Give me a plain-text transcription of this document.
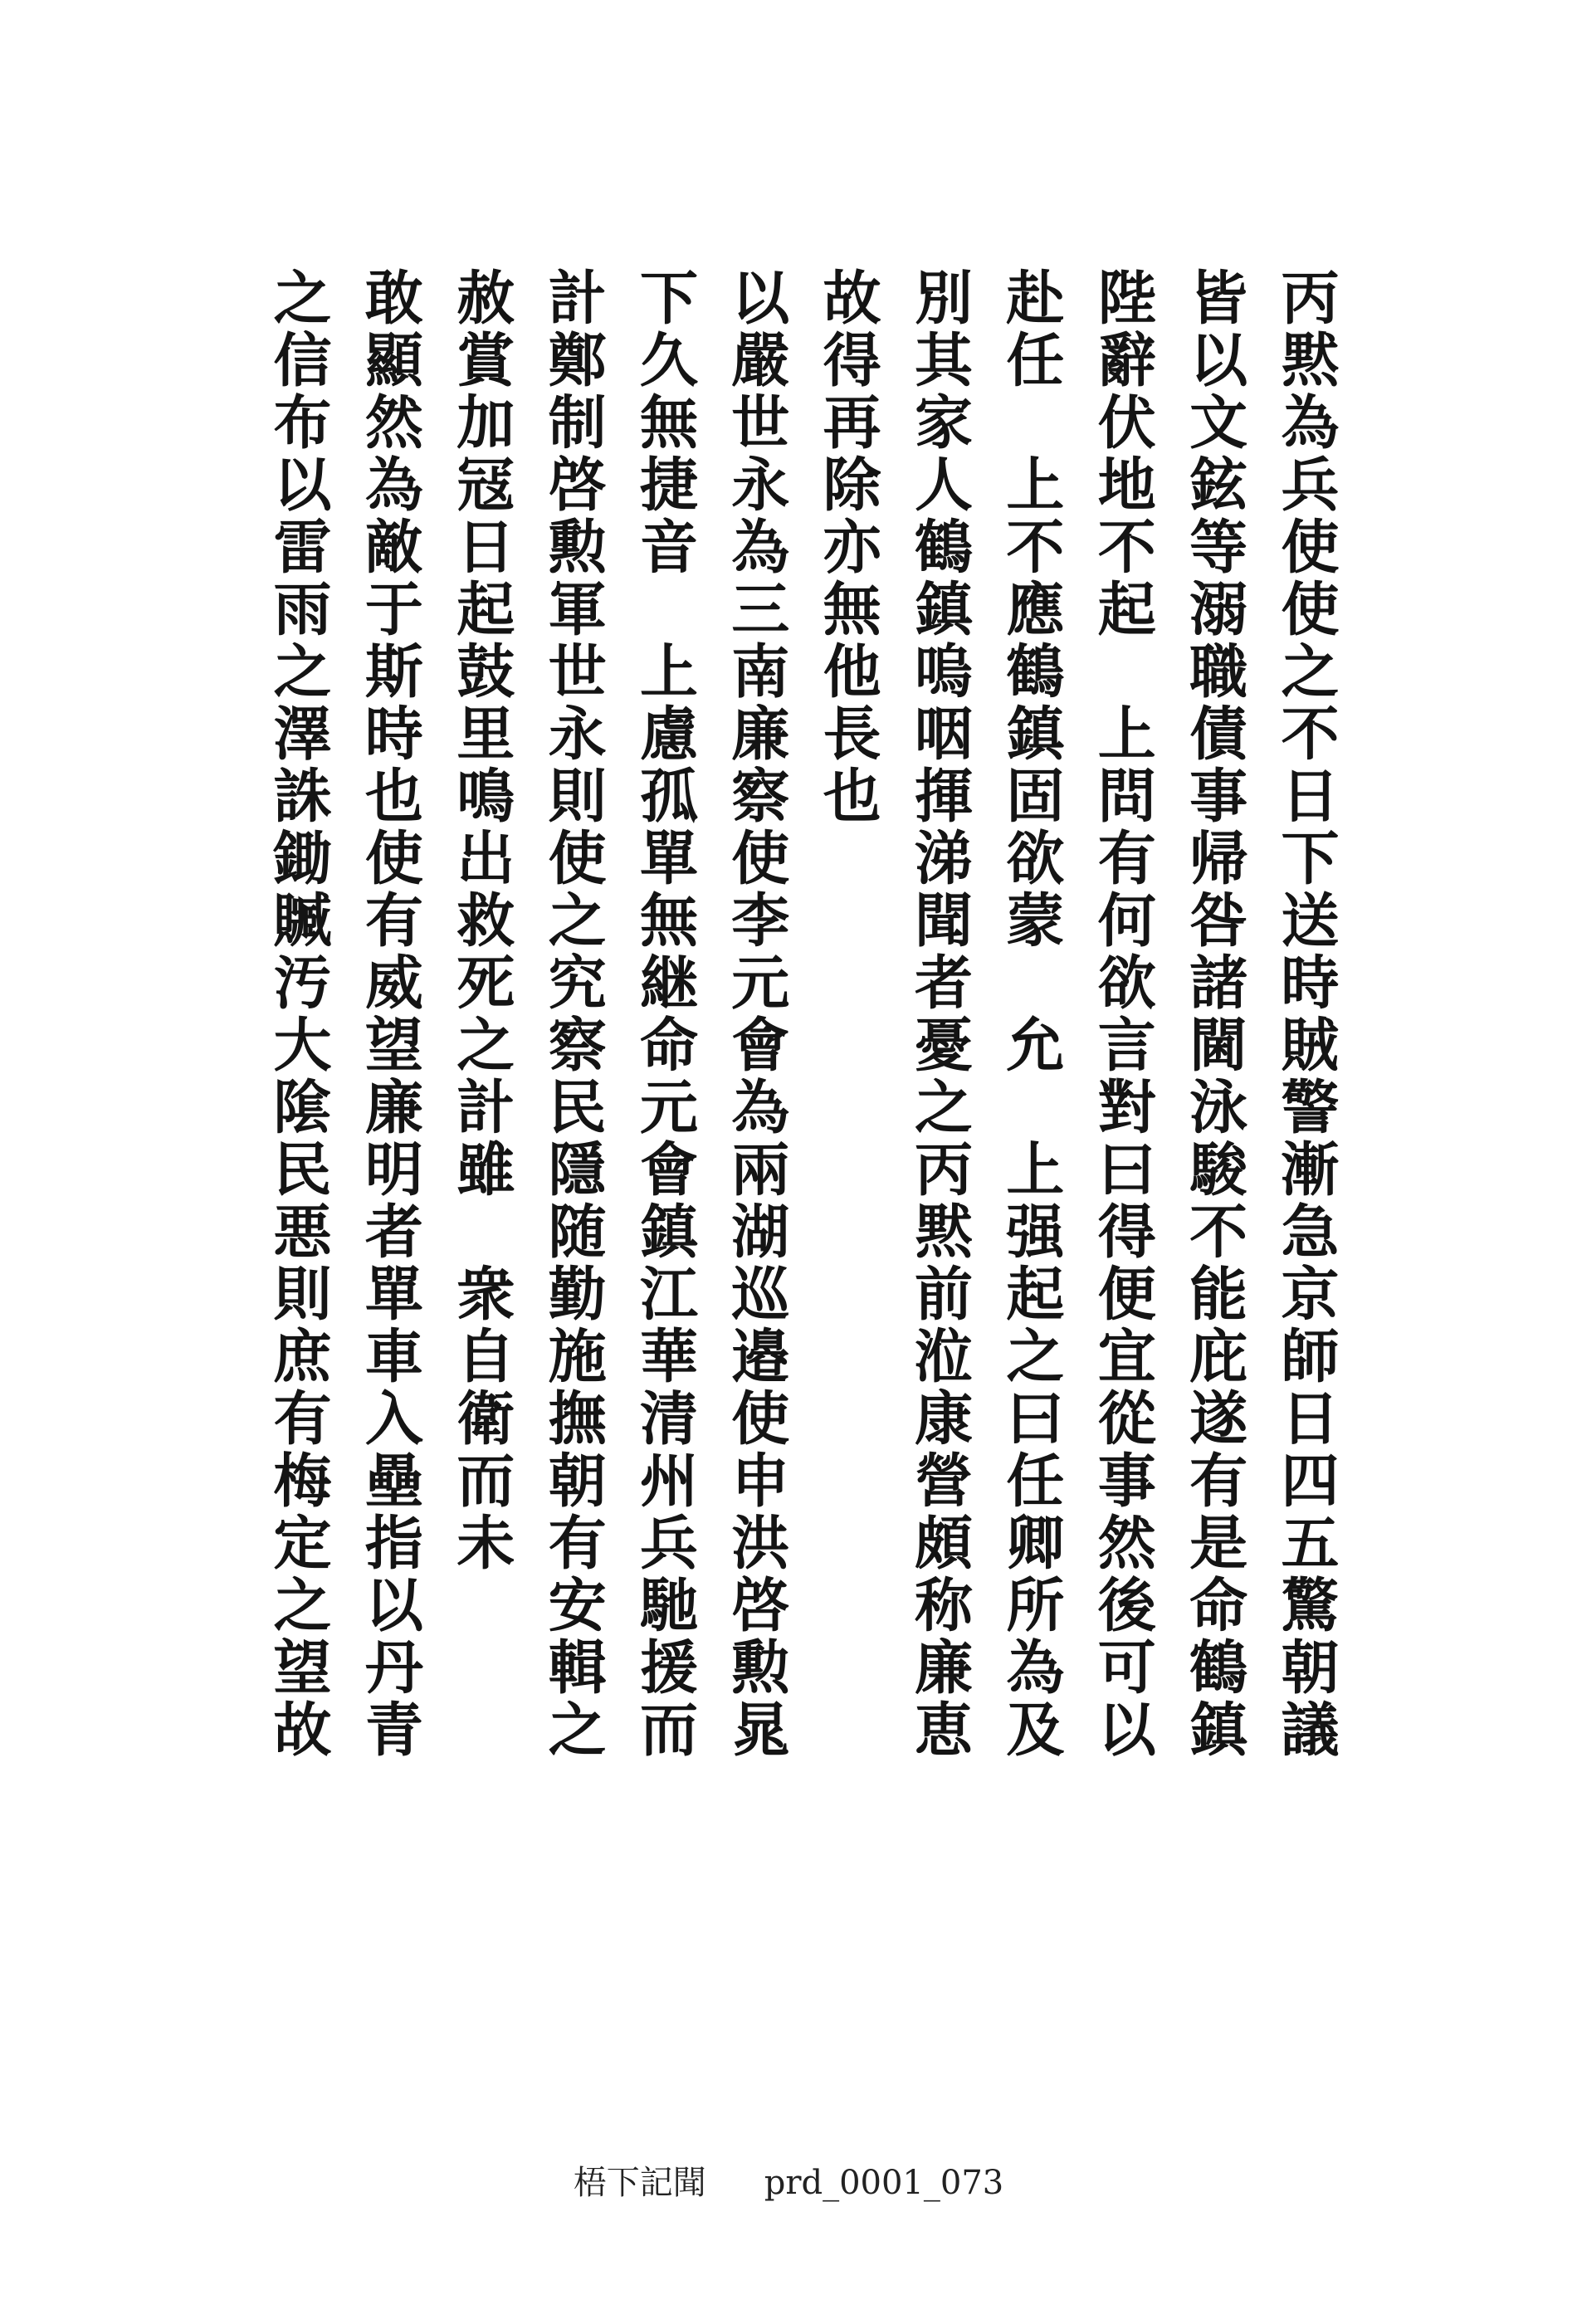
丙黙為兵使使之不日下送時賊警漸急京師日四五驚朝議
皆以文鉉等溺職債事帰咎諸閫泳駿不能庇遂有是命鶴鎮
陛辭伏地不起　上問有何欲言對曰得便宜從事然後可以
赴任　上不應鶴鎮固欲蒙　允　上强起之曰任卿所為及
別其家人鶴鎮嗚咽揮涕聞者憂之丙黙前涖康營頗称廉恵
故得再除亦無他長也
以嚴世永為三南廉察使李元會為兩湖巡邉使申洪啓勲晁
下久無捷音　上慮孤單無継命元會鎮江華清州兵馳援而
計鄭制啓勲軍世永則使之究察民隱随勤施撫朝有安輯之
赦賞加冦日起鼓里鳴出救死之計雖　衆自衛而未
敢顯然為敵于斯時也使有威望廉明者單車入壘指以丹青
之信布以雷雨之澤誅鋤贓汚大隂民悪則庶有梅定之望故
梧下記聞 prd_0001_073
